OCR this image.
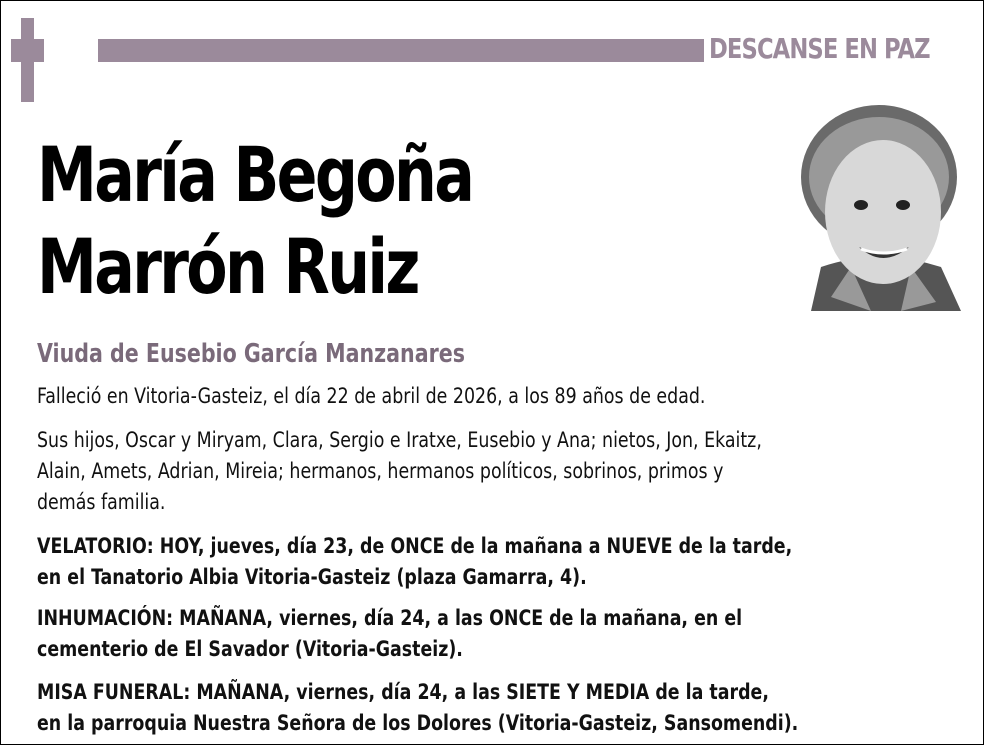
DESCANSE EN PAZ
María Begoña
Marrón Ruiz
Viuda de Eusebio García Manzanares
Falleció en Vitoria-Gasteiz, el día 22 de abril de 2026, a los 89 años de edad.
Sus hijos, Oscar y Miryam, Clara, Sergio e Iratxe, Eusebio y Ana; nietos, Jon, Ekaitz,
Alain, Amets, Adrian, Mireia; hermanos, hermanos políticos, sobrinos, primos y
demás familia.
VELATORIO: HOY, jueves, día 23, de ONCE de la mañana a NUEVE de la tarde,
en el Tanatorio Albia Vitoria-Gasteiz (plaza Gamarra, 4).
INHUMACIÓN: MAÑANA, viernes, día 24, a las ONCE de la mañana, en el
cementerio de El Savador (Vitoria-Gasteiz).
MISA FUNERAL: MAÑANA, viernes, día 24, a las SIETE Y MEDIA de la tarde,
en la parroquia Nuestra Señora de los Dolores (Vitoria-Gasteiz, Sansomendi).
